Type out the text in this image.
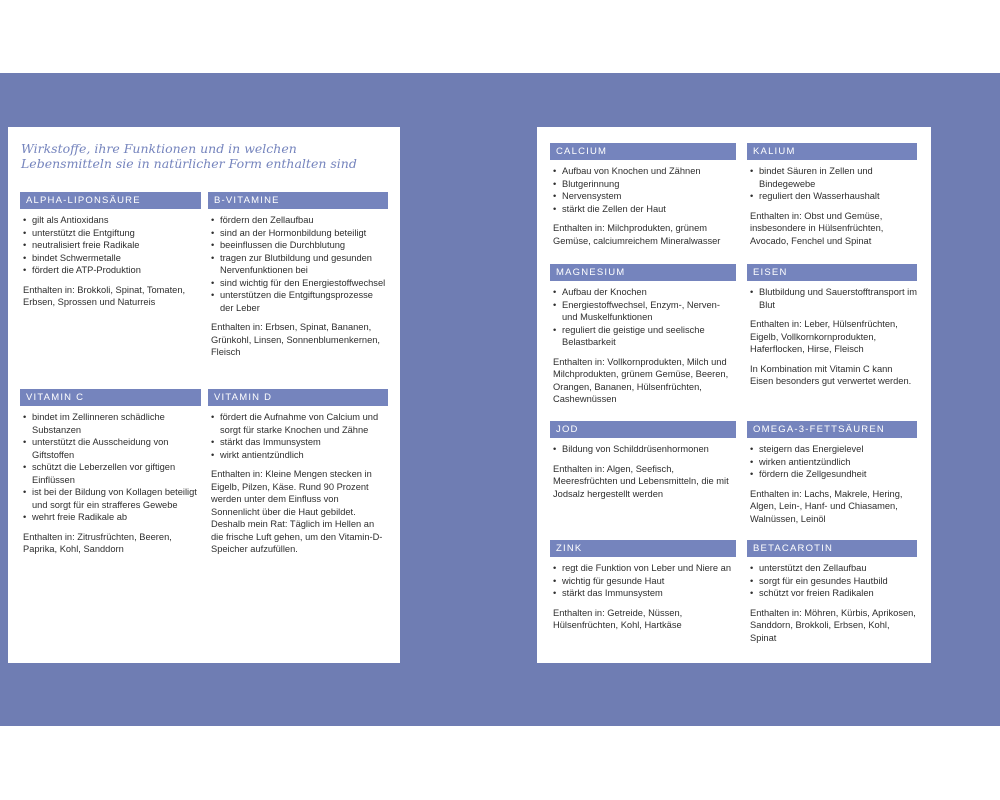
Wirkstoffe, ihre Funktionen und in welchen Lebensmitteln sie in natürlicher Form enthalten sind
ALPHA-LIPONSÄURE
• gilt als Antioxidans
• unterstützt die Entgiftung
• neutralisiert freie Radikale
• bindet Schwermetalle
• fördert die ATP-Produktion
Enthalten in: Brokkoli, Spinat, Tomaten, Erbsen, Sprossen und Naturreis
B-VITAMINE
• fördern den Zellaufbau
• sind an der Hormonbildung beteiligt
• beeinflussen die Durchblutung
• tragen zur Blutbildung und gesunden Nervenfunktionen bei
• sind wichtig für den Energiestoffwechsel
• unterstützen die Entgiftungsprozesse der Leber
Enthalten in: Erbsen, Spinat, Bananen, Grünkohl, Linsen, Sonnenblumenkernen, Fleisch
VITAMIN C
• bindet im Zellinneren schädliche Substanzen
• unterstützt die Ausscheidung von Giftstoffen
• schützt die Leberzellen vor giftigen Einflüssen
• ist bei der Bildung von Kollagen beteiligt und sorgt für ein strafferes Gewebe
• wehrt freie Radikale ab
Enthalten in: Zitrusfrüchten, Beeren, Paprika, Kohl, Sanddorn
VITAMIN D
• fördert die Aufnahme von Calcium und sorgt für starke Knochen und Zähne
• stärkt das Immunsystem
• wirkt antientzündlich
Enthalten in: Kleine Mengen stecken in Eigelb, Pilzen, Käse. Rund 90 Prozent werden unter dem Einfluss von Sonnenlicht über die Haut gebildet. Deshalb mein Rat: Täglich im Hellen an die frische Luft gehen, um den Vitamin-D-Speicher aufzufüllen.
CALCIUM
• Aufbau von Knochen und Zähnen
• Blutgerinnung
• Nervensystem
• stärkt die Zellen der Haut
Enthalten in: Milchprodukten, grünem Gemüse, calciumreichem Mineralwasser
KALIUM
• bindet Säuren in Zellen und Bindegewebe
• reguliert den Wasserhaushalt
Enthalten in: Obst und Gemüse, insbesondere in Hülsenfrüchten, Avocado, Fenchel und Spinat
MAGNESIUM
• Aufbau der Knochen
• Energiestoffwechsel, Enzym-, Nerven- und Muskelfunktionen
• reguliert die geistige und seelische Belastbarkeit
Enthalten in: Vollkornprodukten, Milch und Milchprodukten, grünem Gemüse, Beeren, Orangen, Bananen, Hülsenfrüchten, Cashewnüssen
EISEN
• Blutbildung und Sauerstofftransport im Blut
Enthalten in: Leber, Hülsenfrüchten, Eigelb, Vollkornkornprodukten, Haferflocken, Hirse, Fleisch
In Kombination mit Vitamin C kann Eisen besonders gut verwertet werden.
JOD
• Bildung von Schilddrüsenhormonen
Enthalten in: Algen, Seefisch, Meeresfrüchten und Lebensmitteln, die mit Jodsalz hergestellt werden
OMEGA-3-FETTSÄUREN
• steigern das Energielevel
• wirken antientzündlich
• fördern die Zellgesundheit
Enthalten in: Lachs, Makrele, Hering, Algen, Lein-, Hanf- und Chiasamen, Walnüssen, Leinöl
ZINK
• regt die Funktion von Leber und Niere an
• wichtig für gesunde Haut
• stärkt das Immunsystem
Enthalten in: Getreide, Nüssen, Hülsenfrüchten, Kohl, Hartkäse
BETACAROTIN
• unterstützt den Zellaufbau
• sorgt für ein gesundes Hautbild
• schützt vor freien Radikalen
Enthalten in: Möhren, Kürbis, Aprikosen, Sanddorn, Brokkoli, Erbsen, Kohl, Spinat
